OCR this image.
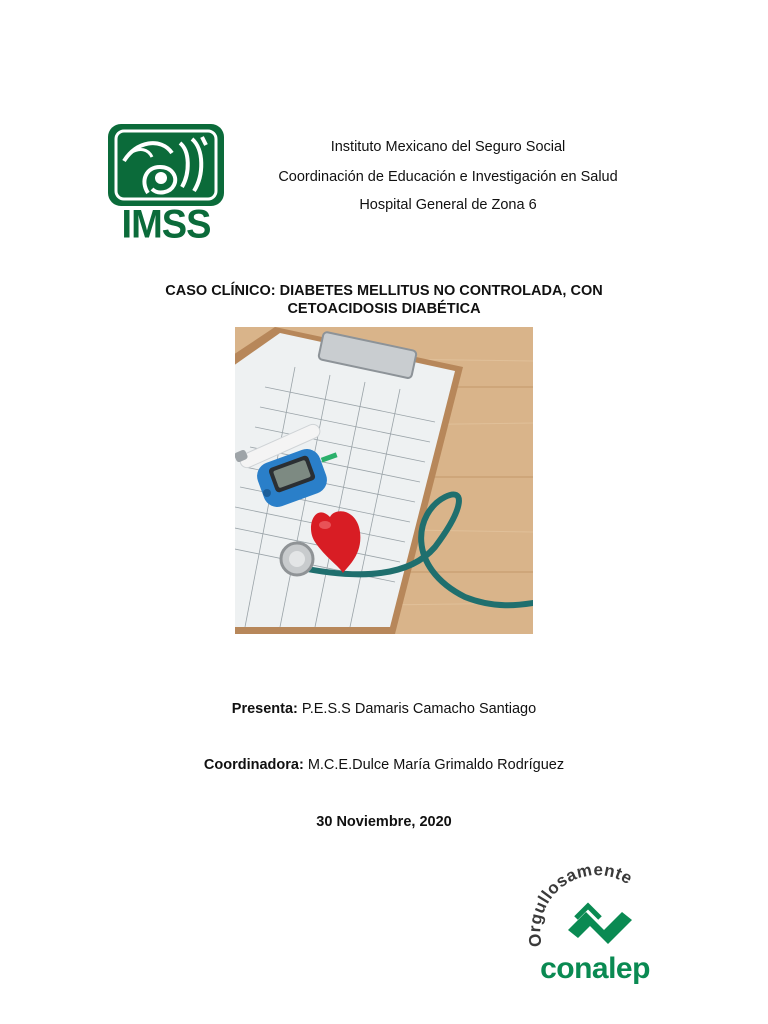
IMSS
Instituto Mexicano del Seguro Social
Coordinación de Educación e Investigación en Salud
Hospital General de Zona 6
CASO CLÍNICO: DIABETES MELLITUS NO CONTROLADA, CON
CETOACIDOSIS DIABÉTICA
Presenta: P.E.S.S Damaris Camacho Santiago
Coordinadora: M.C.E.Dulce María Grimaldo Rodríguez
30 Noviembre, 2020
ullosamente
conalep
